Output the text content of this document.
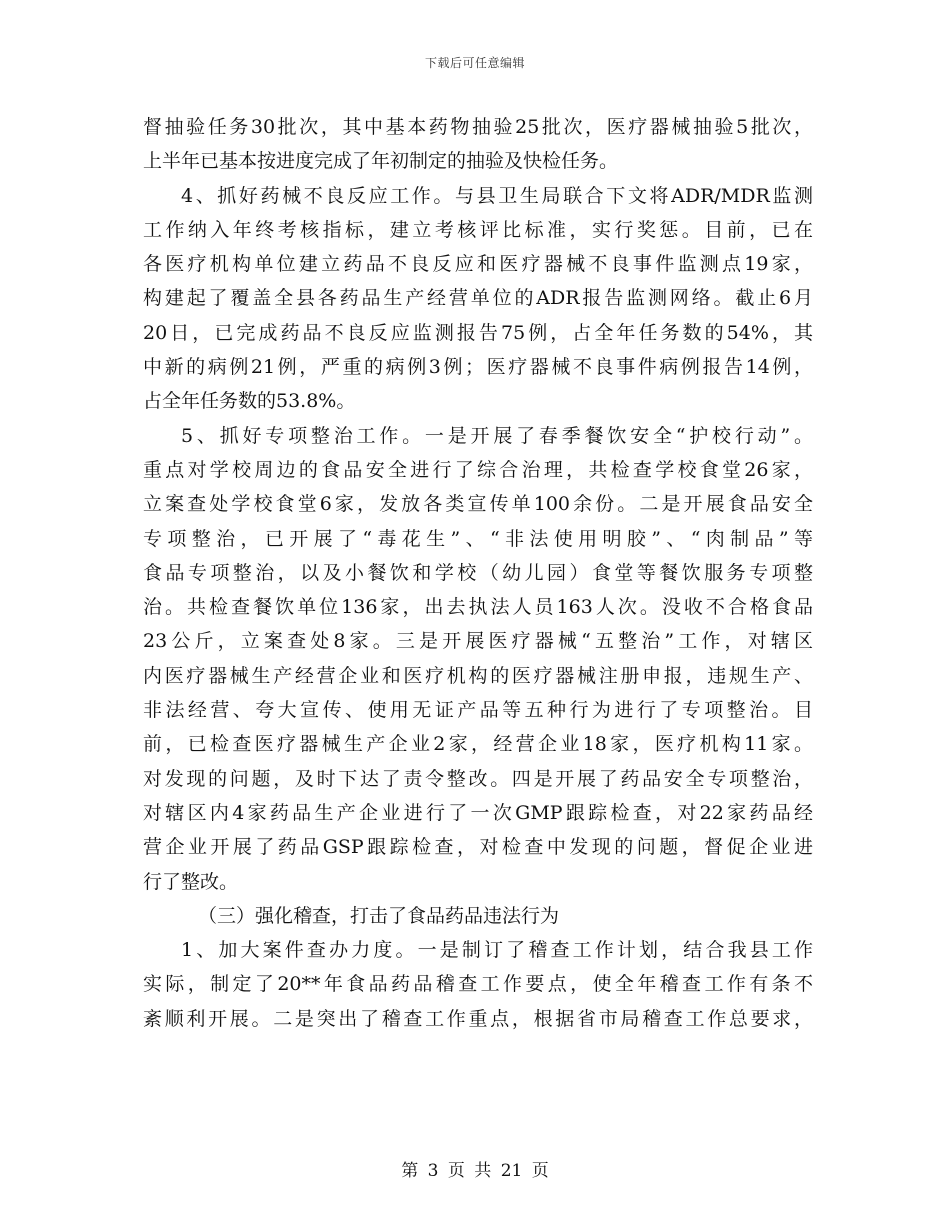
下载后可任意编辑
督抽验任务30批次，其中基本药物抽验25批次，医疗器械抽验5批次，
上半年已基本按进度完成了年初制定的抽验及快检任务。
4、抓好药械不良反应工作。与县卫生局联合下文将ADR/MDR监测
工作纳入年终考核指标，建立考核评比标准，实行奖惩。目前，已在
各医疗机构单位建立药品不良反应和医疗器械不良事件监测点19家，
构建起了覆盖全县各药品生产经营单位的ADR报告监测网络。截止6月
20日，已完成药品不良反应监测报告75例，占全年任务数的54%，其
中新的病例21例，严重的病例3例；医疗器械不良事件病例报告14例，
占全年任务数的53.8%。
5、抓好专项整治工作。一是开展了春季餐饮安全“护校行动”。
重点对学校周边的食品安全进行了综合治理，共检查学校食堂26家，
立案查处学校食堂6家，发放各类宣传单100余份。二是开展食品安全
专项整治，已开展了“毒花生”、“非法使用明胶”、“肉制品”等
食品专项整治，以及小餐饮和学校（幼儿园）食堂等餐饮服务专项整
治。共检查餐饮单位136家，出去执法人员163人次。没收不合格食品
23公斤，立案查处8家。三是开展医疗器械“五整治”工作，对辖区
内医疗器械生产经营企业和医疗机构的医疗器械注册申报，违规生产、
非法经营、夸大宣传、使用无证产品等五种行为进行了专项整治。目
前，已检查医疗器械生产企业2家，经营企业18家，医疗机构11家。
对发现的问题，及时下达了责令整改。四是开展了药品安全专项整治，
对辖区内4家药品生产企业进行了一次GMP跟踪检查，对22家药品经
营企业开展了药品GSP跟踪检查，对检查中发现的问题，督促企业进
行了整改。
（三）强化稽查，打击了食品药品违法行为
1、加大案件查办力度。一是制订了稽查工作计划，结合我县工作
实际，制定了20**年食品药品稽查工作要点，使全年稽查工作有条不
紊顺利开展。二是突出了稽查工作重点，根据省市局稽查工作总要求，
第 3 页 共 21 页
